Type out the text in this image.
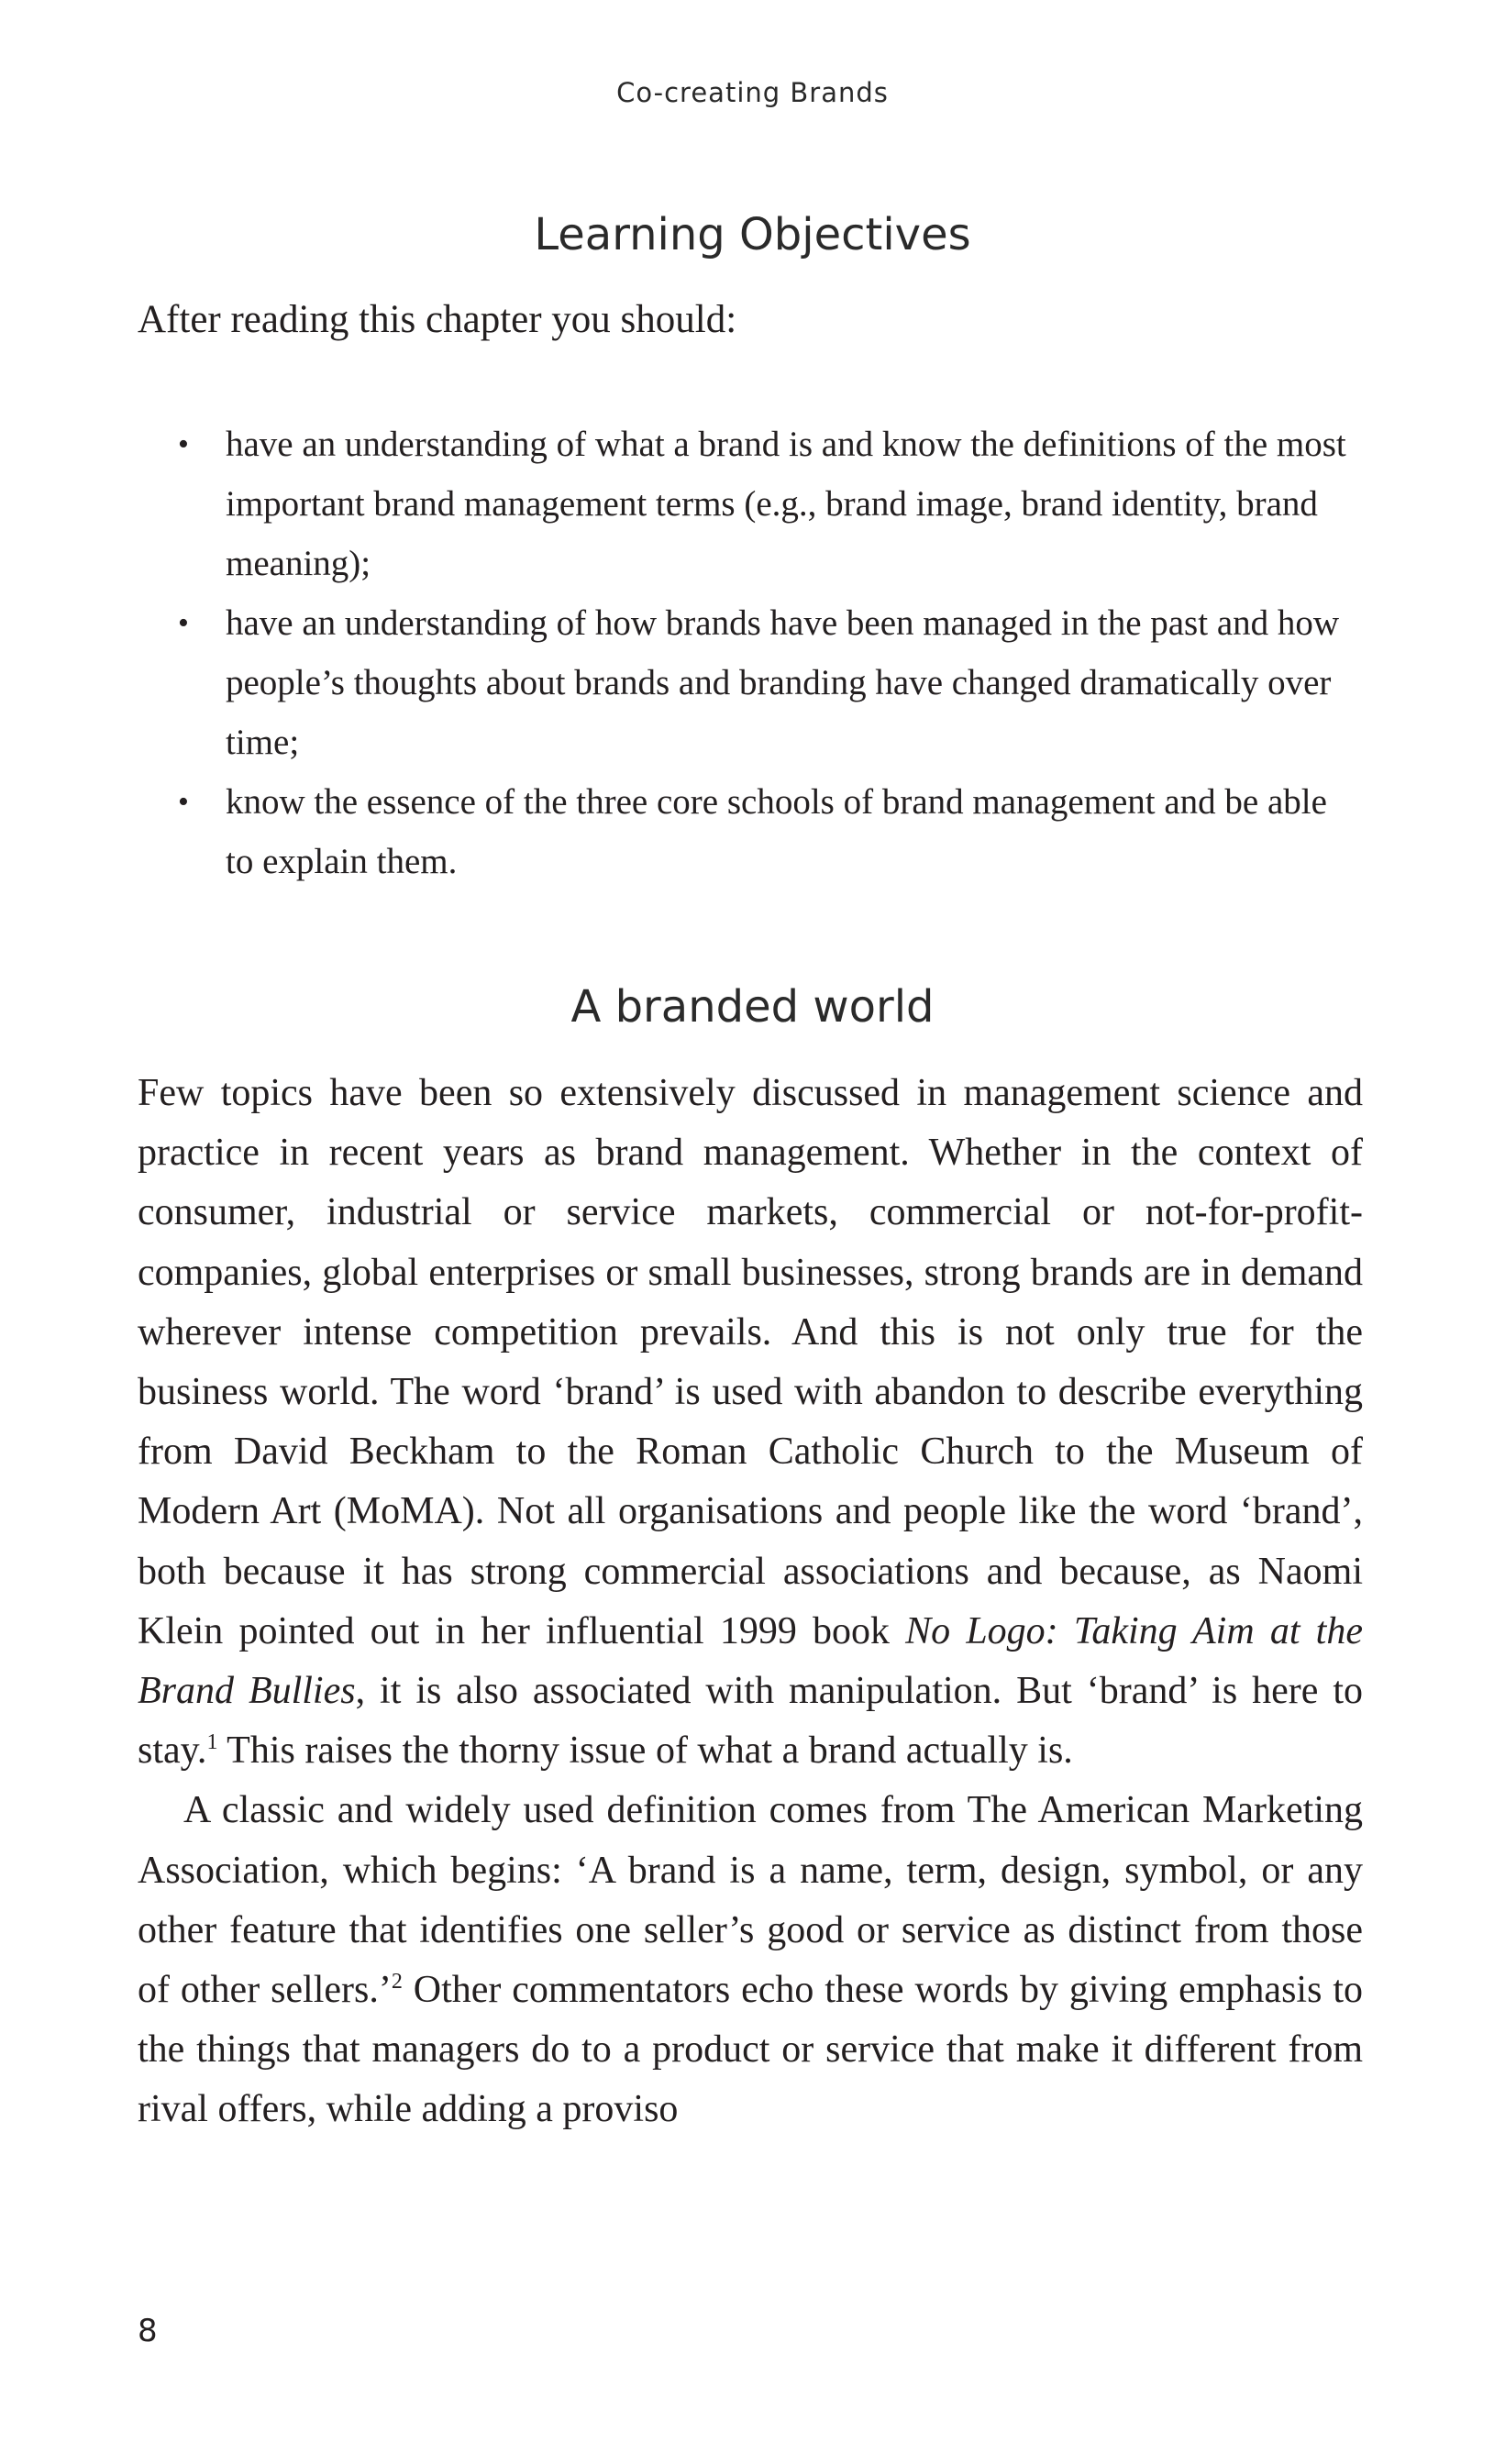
Co-creating Brands
Learning Objectives

After reading this chapter you should:

• have an understanding of what a brand is and know the definitions of the most important brand management terms (e.g., brand image, brand identity, brand meaning);
• have an understanding of how brands have been managed in the past and how people’s thoughts about brands and branding have changed dramatically over time;
• know the essence of the three core schools of brand management and be able to explain them.
A branded world

Few topics have been so extensively discussed in management science and practice in recent years as brand management. Whether in the context of consumer, industrial or service markets, commercial or not-for-profit-companies, global enterprises or small businesses, strong brands are in demand wherever intense competition prevails. And this is not only true for the business world. The word ‘brand’ is used with abandon to describe everything from David Beckham to the Roman Catholic Church to the Museum of Modern Art (MoMA). Not all organisations and people like the word ‘brand’, both because it has strong commercial associations and because, as Naomi Klein pointed out in her influential 1999 book No Logo: Taking Aim at the Brand Bullies, it is also associated with manipulation. But ‘brand’ is here to stay.$^1$ This raises the thorny issue of what a brand actually is.

A classic and widely used definition comes from The American Marketing Association, which begins: ‘A brand is a name, term, design, symbol, or any other feature that identifies one seller’s good or service as distinct from those of other sellers.’$^2$ Other commentators echo these words by giving emphasis to the things that managers do to a product or service that make it different from rival offers, while adding a proviso

8
